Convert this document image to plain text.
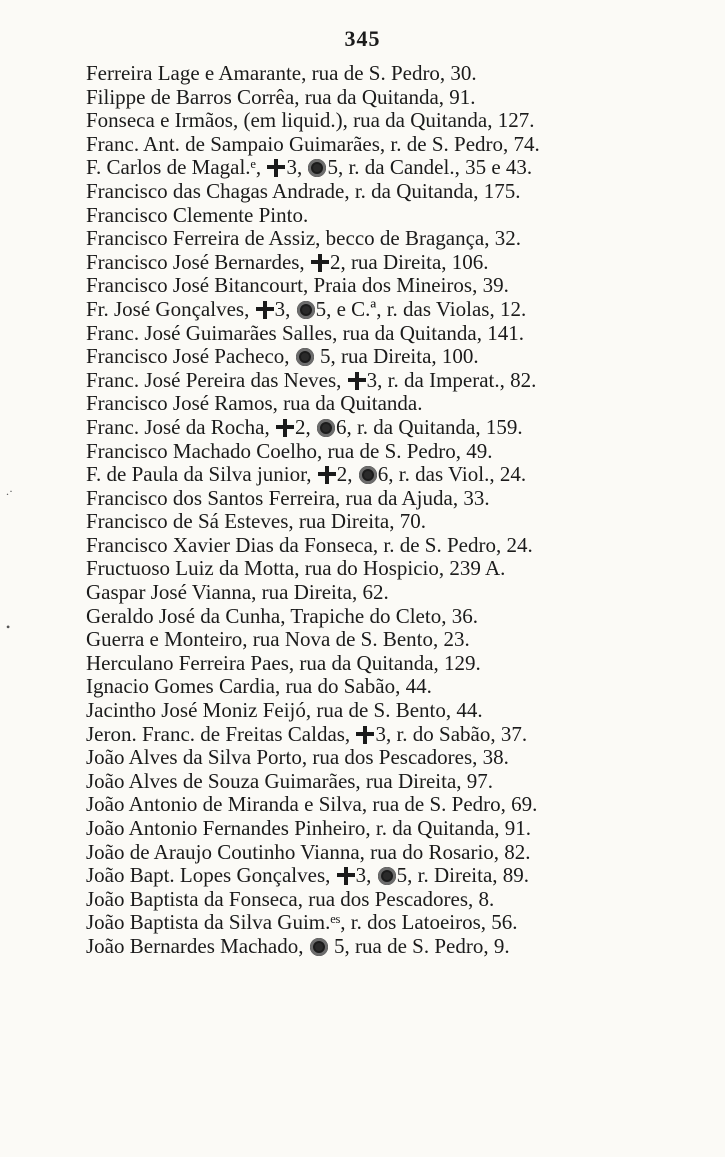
345
.·
•
Ferreira Lage e Amarante, rua de S. Pedro, 30.
Filippe de Barros Corrêa, rua da Quitanda, 91.
Fonseca e Irmãos, (em liquid.), rua da Quitanda, 127.
Franc. Ant. de Sampaio Guimarães, r. de S. Pedro, 74.
F. Carlos de Magal.ᵉ, 3, 5, r. da Candel., 35 e 43.
Francisco das Chagas Andrade, r. da Quitanda, 175.
Francisco Clemente Pinto.
Francisco Ferreira de Assiz, becco de Bragança, 32.
Francisco José Bernardes, 2, rua Direita, 106.
Francisco José Bitancourt, Praia dos Mineiros, 39.
Fr. José Gonçalves, 3, 5, e C.ª, r. das Violas, 12.
Franc. José Guimarães Salles, rua da Quitanda, 141.
Francisco José Pacheco,  5, rua Direita, 100.
Franc. José Pereira das Neves, 3, r. da Imperat., 82.
Francisco José Ramos, rua da Quitanda.
Franc. José da Rocha, 2, 6, r. da Quitanda, 159.
Francisco Machado Coelho, rua de S. Pedro, 49.
F. de Paula da Silva junior, 2, 6, r. das Viol., 24.
Francisco dos Santos Ferreira, rua da Ajuda, 33.
Francisco de Sá Esteves, rua Direita, 70.
Francisco Xavier Dias da Fonseca, r. de S. Pedro, 24.
Fructuoso Luiz da Motta, rua do Hospicio, 239 A.
Gaspar José Vianna, rua Direita, 62.
Geraldo José da Cunha, Trapiche do Cleto, 36.
Guerra e Monteiro, rua Nova de S. Bento, 23.
Herculano Ferreira Paes, rua da Quitanda, 129.
Ignacio Gomes Cardia, rua do Sabão, 44.
Jacintho José Moniz Feijó, rua de S. Bento, 44.
Jeron. Franc. de Freitas Caldas, 3, r. do Sabão, 37.
João Alves da Silva Porto, rua dos Pescadores, 38.
João Alves de Souza Guimarães, rua Direita, 97.
João Antonio de Miranda e Silva, rua de S. Pedro, 69.
João Antonio Fernandes Pinheiro, r. da Quitanda, 91.
João de Araujo Coutinho Vianna, rua do Rosario, 82.
João Bapt. Lopes Gonçalves, 3, 5, r. Direita, 89.
João Baptista da Fonseca, rua dos Pescadores, 8.
João Baptista da Silva Guim.ᵉˢ, r. dos Latoeiros, 56.
João Bernardes Machado,  5, rua de S. Pedro, 9.
